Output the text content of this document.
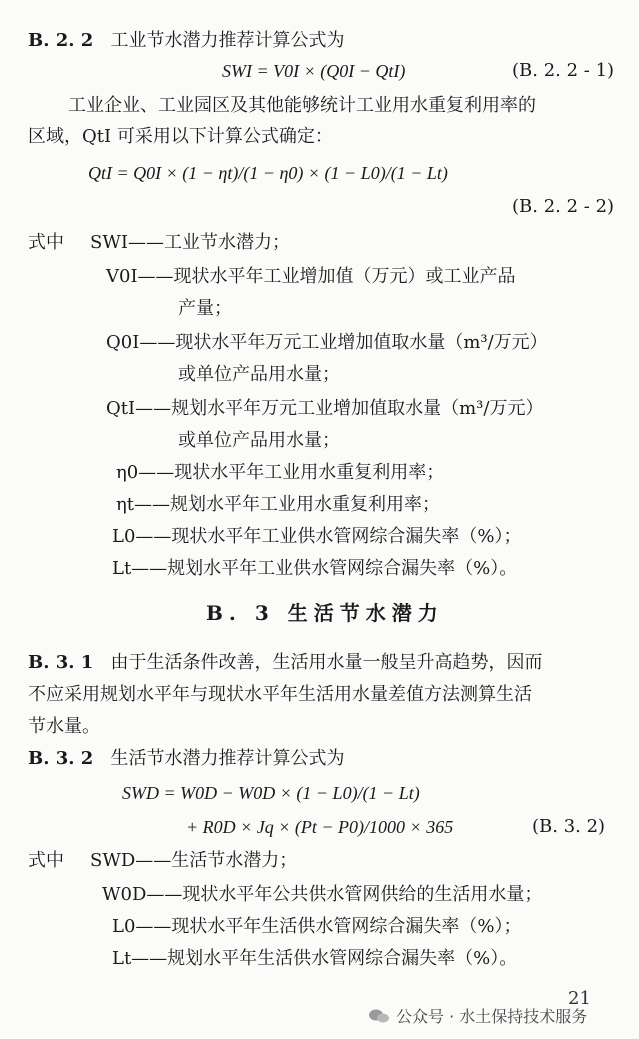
B. 2. 2 工业节水潜力推荐计算公式为
SWI = V0I × (Q0I − QtI)	(B. 2. 2 - 1)
工业企业、工业园区及其他能够统计工业用水重复利用率的
区域，QtI 可采用以下计算公式确定：
QtI = Q0I × (1 − ηt)/(1 − η0) × (1 − L0)/(1 − Lt)
(B. 2. 2 - 2)
式中 SWI——工业节水潜力；
V0I——现状水平年工业增加值（万元）或工业产品
产量；
Q0I——现状水平年万元工业增加值取水量（m³/万元）
或单位产品用水量；
QtI——规划水平年万元工业增加值取水量（m³/万元）
或单位产品用水量；
η0——现状水平年工业用水重复利用率；
ηt——规划水平年工业用水重复利用率；
L0——现状水平年工业供水管网综合漏失率（%）；
Lt——规划水平年工业供水管网综合漏失率（%）。
B. 3 生活节水潜力
B. 3. 1 由于生活条件改善，生活用水量一般呈升高趋势，因而
不应采用规划水平年与现状水平年生活用水量差值方法测算生活
节水量。
B. 3. 2 生活节水潜力推荐计算公式为
SWD = W0D − W0D × (1 − L0)/(1 − Lt)
+ R0D × Jq × (Pt − P0)/1000 × 365	(B. 3. 2)
式中 SWD——生活节水潜力；
W0D——现状水平年公共供水管网供给的生活用水量；
L0——现状水平年生活供水管网综合漏失率（%）；
Lt——规划水平年生活供水管网综合漏失率（%）。
21
公众号 · 水土保持技术服务
